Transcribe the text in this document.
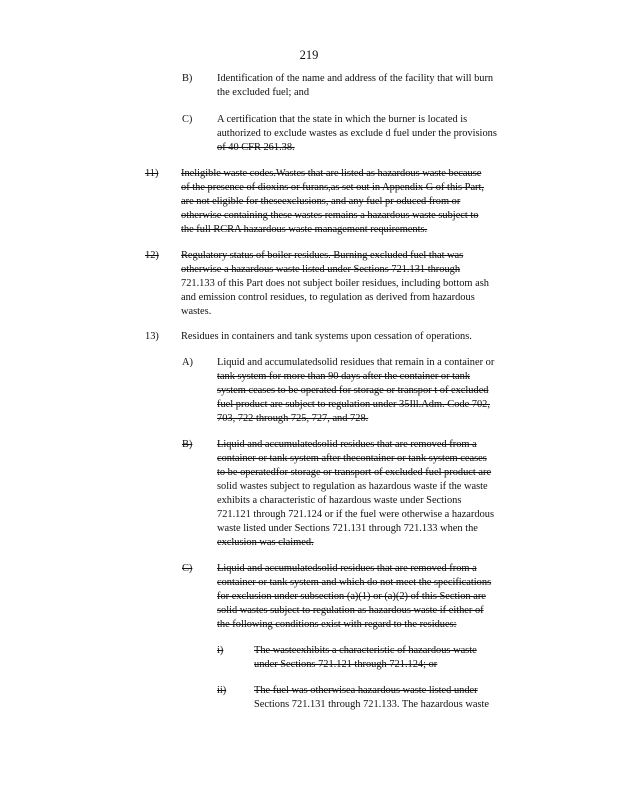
219
B) Identification of the name and address of the facility that will burn
the excluded fuel; and
C) A certification that the state in which the burner is located is
authorized to exclude wastes as exclude d fuel under the provisions
of 40 CFR 261.38.
11) Ineligible waste codes.Wastes that are listed as hazardous waste because
of the presence of dioxins or furans,as set out in Appendix G of this Part,
are not eligible for theseexclusions, and any fuel pr oduced from or
otherwise containing these wastes remains a hazardous waste subject to
the full RCRA hazardous waste management requirements.
12) Regulatory status of boiler residues. Burning excluded fuel that was
otherwise a hazardous waste listed under Sections 721.131 through
721.133 of this Part does not subject boiler residues, including bottom ash
and emission control residues, to regulation as derived from hazardous
wastes.
13) Residues in containers and tank systems upon cessation of operations.
A) Liquid and accumulatedsolid residues that remain in a container or
tank system for more than 90 days after the container or tank
system ceases to be operated for storage or transpor t of excluded
fuel product are subject to regulation under 35Ill.Adm. Code 702,
703, 722 through 725, 727, and 728.
B) Liquid and accumulatedsolid residues that are removed from a
container or tank system after thecontainer or tank system ceases
to be operatedfor storage or transport of excluded fuel product are
solid wastes subject to regulation as hazardous waste if the waste
exhibits a characteristic of hazardous waste under Sections
721.121 through 721.124 or if the fuel were otherwise a hazardous
waste listed under Sections 721.131 through 721.133 when the
exclusion was claimed.
C) Liquid and accumulatedsolid residues that are removed from a
container or tank system and which do not meet the specifications
for exclusion under subsection (a)(1) or (a)(2) of this Section are
solid wastes subject to regulation as hazardous waste if either of
the following conditions exist with regard to the residues:
i)	The wasteexhibits a characteristic of hazardous waste
under Sections 721.121 through 721.124; or
ii)	The fuel was otherwisea hazardous waste listed under
Sections 721.131 through 721.133. The hazardous waste
